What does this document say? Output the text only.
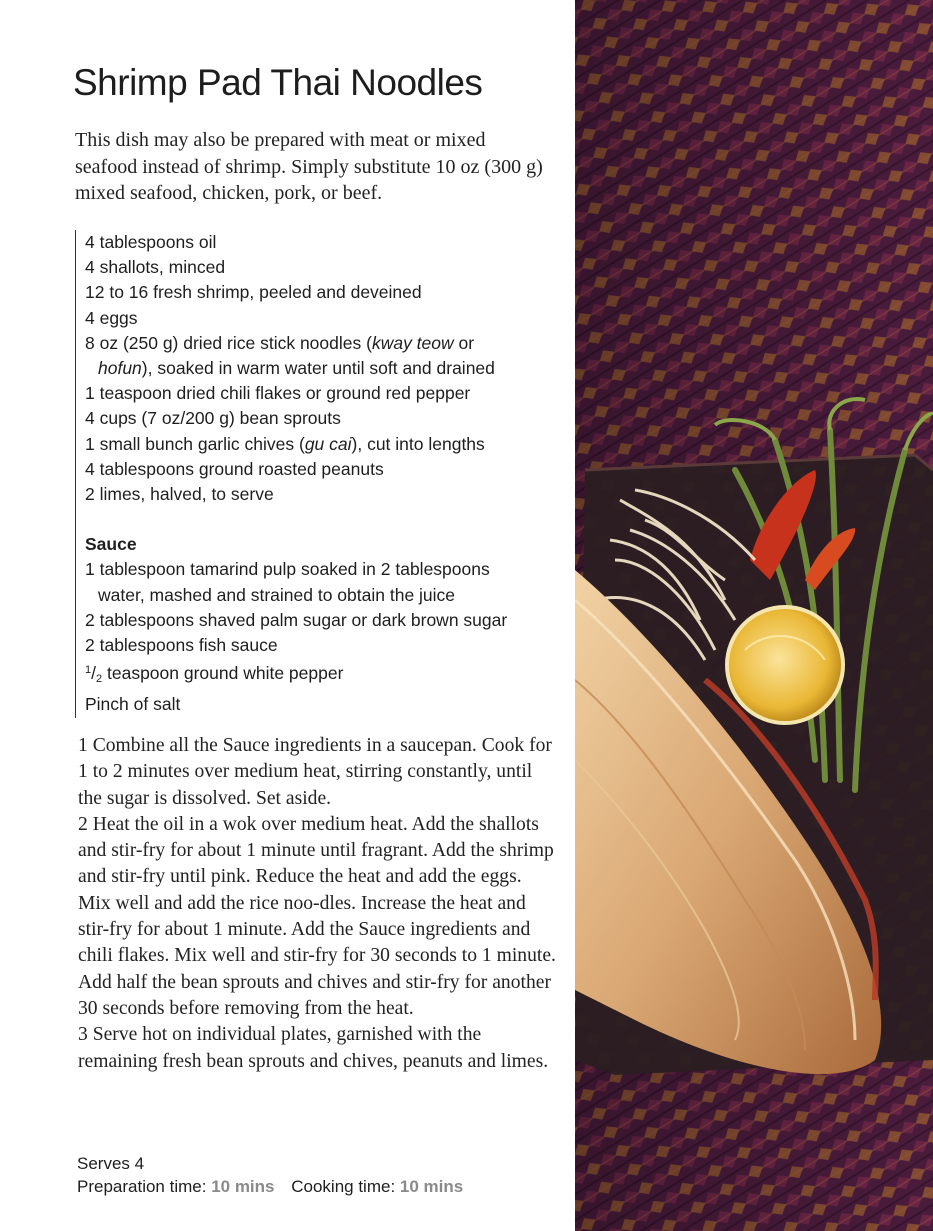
Shrimp Pad Thai Noodles

This dish may also be prepared with meat or mixed seafood instead of shrimp. Simply substitute 10 oz (300 g) mixed seafood, chicken, pork, or beef.

4 tablespoons oil
4 shallots, minced
12 to 16 fresh shrimp, peeled and deveined
4 eggs
8 oz (250 g) dried rice stick noodles (kway teow or
hofun), soaked in warm water until soft and drained
1 teaspoon dried chili flakes or ground red pepper
4 cups (7 oz/200 g) bean sprouts
1 small bunch garlic chives (gu cai), cut into lengths
4 tablespoons ground roasted peanuts
2 limes, halved, to serve
Sauce
1 tablespoon tamarind pulp soaked in 2 tablespoons
water, mashed and strained to obtain the juice
2 tablespoons shaved palm sugar or dark brown sugar
2 tablespoons fish sauce
$^1/_2$ teaspoon ground white pepper
Pinch of salt

1 Combine all the Sauce ingredients in a saucepan. Cook for 1 to 2 minutes over medium heat, stirring constantly, until the sugar is dissolved. Set aside.

2 Heat the oil in a wok over medium heat. Add the shallots and stir-fry for about 1 minute until fragrant. Add the shrimp and stir-fry until pink. Reduce the heat and add the eggs. Mix well and add the rice noo-dles. Increase the heat and stir-fry for about 1 minute. Add the Sauce ingredients and chili flakes. Mix well and stir-fry for 30 seconds to 1 minute. Add half the bean sprouts and chives and stir-fry for another 30 seconds before removing from the heat.

3 Serve hot on individual plates, garnished with the remaining fresh bean sprouts and chives, peanuts and limes.

Serves 4
Preparation time: 10 mins Cooking time: 10 mins
